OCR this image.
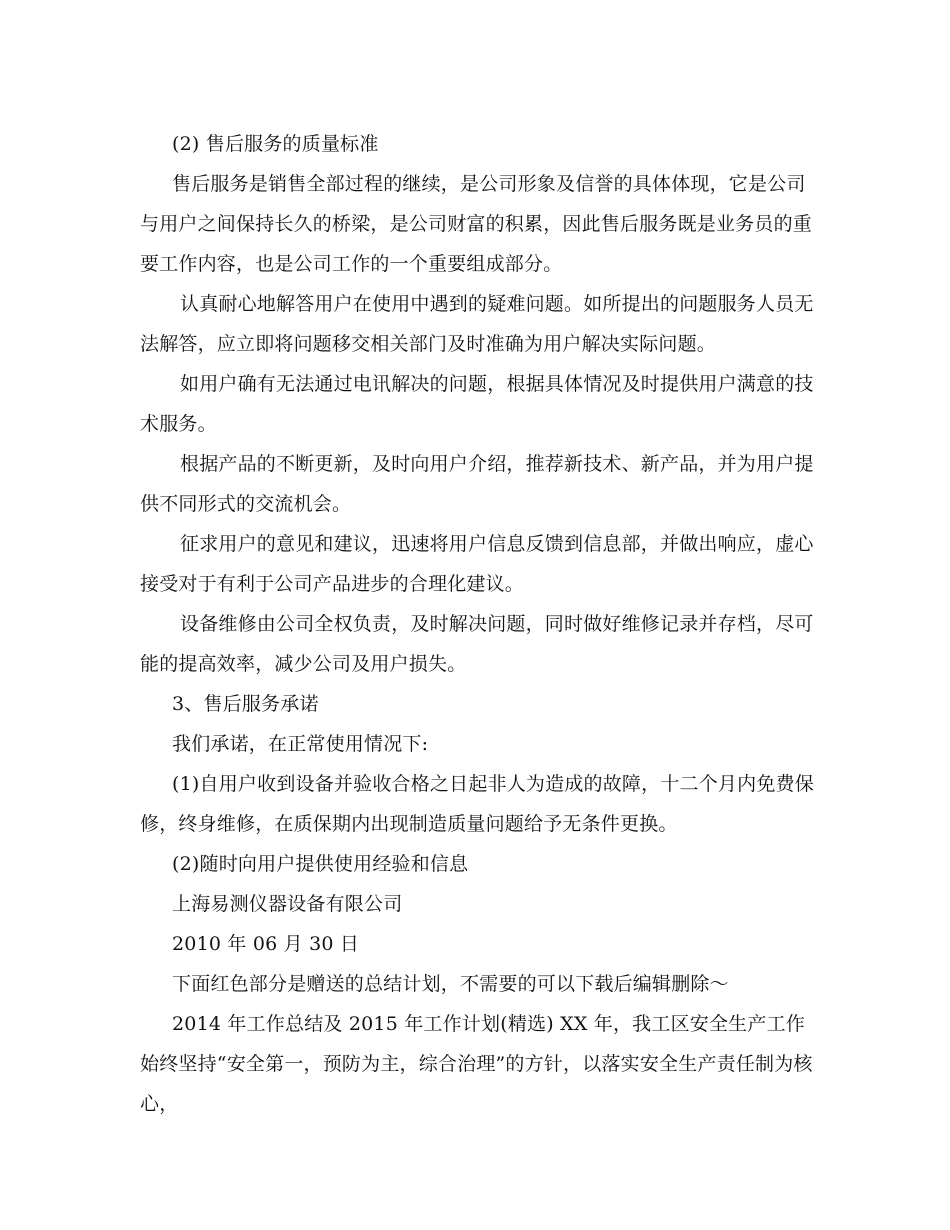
(2) 售后服务的质量标准

售后服务是销售全部过程的继续，是公司形象及信誉的具体体现，它是公司与用户之间保持长久的桥梁，是公司财富的积累，因此售后服务既是业务员的重要工作内容，也是公司工作的一个重要组成部分。

认真耐心地解答用户在使用中遇到的疑难问题。如所提出的问题服务人员无法解答，应立即将问题移交相关部门及时准确为用户解决实际问题。

如用户确有无法通过电讯解决的问题，根据具体情况及时提供用户满意的技术服务。

根据产品的不断更新，及时向用户介绍，推荐新技术、新产品，并为用户提供不同形式的交流机会。

征求用户的意见和建议，迅速将用户信息反馈到信息部，并做出响应，虚心接受对于有利于公司产品进步的合理化建议。

设备维修由公司全权负责，及时解决问题，同时做好维修记录并存档，尽可能的提高效率，减少公司及用户损失。

3、售后服务承诺

我们承诺，在正常使用情况下:

(1)自用户收到设备并验收合格之日起非人为造成的故障，十二个月内免费保修，终身维修，在质保期内出现制造质量问题给予无条件更换。

(2)随时向用户提供使用经验和信息

上海易测仪器设备有限公司

2010 年 06 月 30 日

下面红色部分是赠送的总结计划，不需要的可以下载后编辑删除～

2014 年工作总结及 2015 年工作计划(精选) XX 年，我工区安全生产工作始终坚持“安全第一，预防为主，综合治理”的方针，以落实安全生产责任制为核心，
